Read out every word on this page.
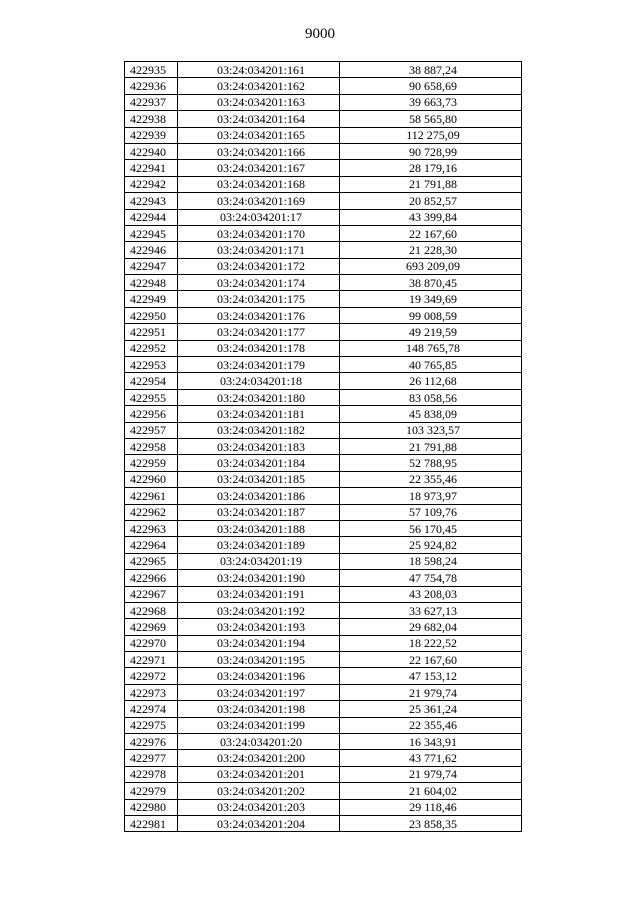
9000
422935	03:24:034201:161	38 887,24
422936	03:24:034201:162	90 658,69
422937	03:24:034201:163	39 663,73
422938	03:24:034201:164	58 565,80
422939	03:24:034201:165	112 275,09
422940	03:24:034201:166	90 728,99
422941	03:24:034201:167	28 179,16
422942	03:24:034201:168	21 791,88
422943	03:24:034201:169	20 852,57
422944	03:24:034201:17	43 399,84
422945	03:24:034201:170	22 167,60
422946	03:24:034201:171	21 228,30
422947	03:24:034201:172	693 209,09
422948	03:24:034201:174	38 870,45
422949	03:24:034201:175	19 349,69
422950	03:24:034201:176	99 008,59
422951	03:24:034201:177	49 219,59
422952	03:24:034201:178	148 765,78
422953	03:24:034201:179	40 765,85
422954	03:24:034201:18	26 112,68
422955	03:24:034201:180	83 058,56
422956	03:24:034201:181	45 838,09
422957	03:24:034201:182	103 323,57
422958	03:24:034201:183	21 791,88
422959	03:24:034201:184	52 788,95
422960	03:24:034201:185	22 355,46
422961	03:24:034201:186	18 973,97
422962	03:24:034201:187	57 109,76
422963	03:24:034201:188	56 170,45
422964	03:24:034201:189	25 924,82
422965	03:24:034201:19	18 598,24
422966	03:24:034201:190	47 754,78
422967	03:24:034201:191	43 208,03
422968	03:24:034201:192	33 627,13
422969	03:24:034201:193	29 682,04
422970	03:24:034201:194	18 222,52
422971	03:24:034201:195	22 167,60
422972	03:24:034201:196	47 153,12
422973	03:24:034201:197	21 979,74
422974	03:24:034201:198	25 361,24
422975	03:24:034201:199	22 355,46
422976	03:24:034201:20	16 343,91
422977	03:24:034201:200	43 771,62
422978	03:24:034201:201	21 979,74
422979	03:24:034201:202	21 604,02
422980	03:24:034201:203	29 118,46
422981	03:24:034201:204	23 858,35
